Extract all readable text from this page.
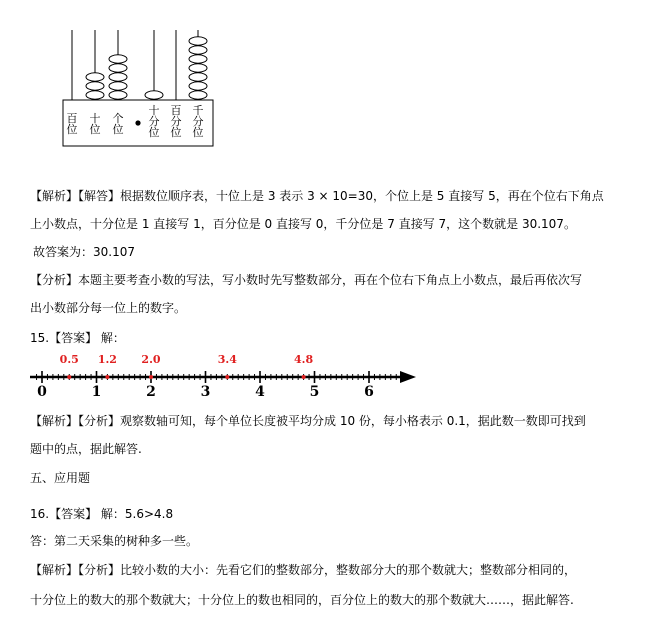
百
位
十
位
个
位
十
分
位
百
分
位
千
分
位
【解析】【解答】根据数位顺序表，十位上是 3 表示 3 × 10=30，个位上是 5 直接写 5，再在个位右下角点
上小数点，十分位是 1 直接写 1，百分位是 0 直接写 0，千分位是 7 直接写 7，这个数就是 30.107。
故答案为：30.107
【分析】本题主要考查小数的写法，写小数时先写整数部分，再在个位右下角点上小数点，最后再依次写
出小数部分每一位上的数字。
15.【答案】 解：
0	1	2	3	4	5	6
0.5 1.2 2.0	3.4	4.8
【解析】【分析】观察数轴可知，每个单位长度被平均分成 10 份，每小格表示 0.1，据此数一数即可找到
题中的点，据此解答.
五、应用题
16.【答案】 解：5.6>4.8
答：第二天采集的树种多一些。
【解析】【分析】比较小数的大小：先看它们的整数部分，整数部分大的那个数就大；整数部分相同的，
十分位上的数大的那个数就大；十分位上的数也相同的，百分位上的数大的那个数就大……，据此解答.
